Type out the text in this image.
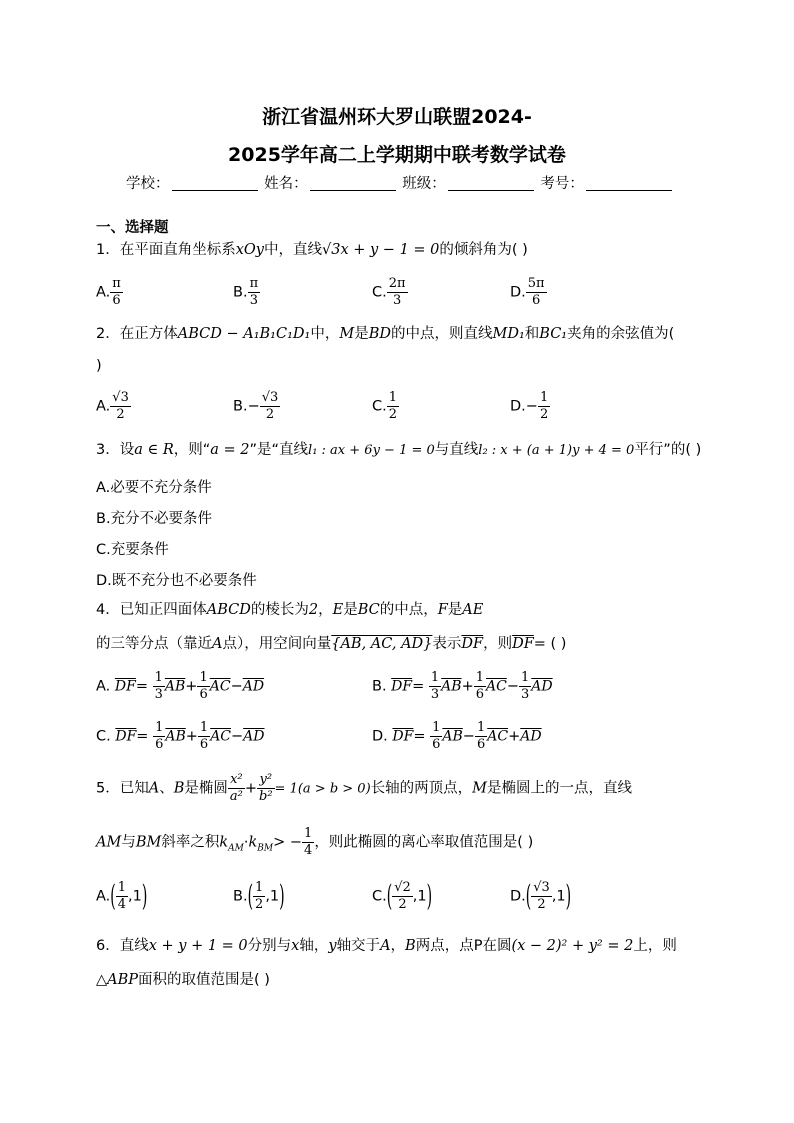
浙江省温州环大罗山联盟2024-
2025学年高二上学期期中联考数学试卷
学校：	姓名：	班级：	考号：
一、选择题
1．在平面直角坐标系xOy中，直线√3x + y − 1 = 0的倾斜角为( )
A. $\frac{\pi}{6}$	B. $\frac{\pi}{3}$	C. $\frac{2\pi}{3}$	D. $\frac{5\pi}{6}$
2．在正方体ABCD − A₁B₁C₁D₁中，M是BD的中点，则直线MD₁和BC₁夹角的余弦值为(
)
A. $\frac{√3}{2}$	$B.- \frac{√3}{2}$	C. $\frac{1}{2}$	$D.- \frac{1}{2}$
3．设a ∈ R，则“a = 2”是“直线l₁ : ax + 6y − 1 = 0与直线l₂ : x + (a + 1)y + 4 = 0平行”的( )
A.必要不充分条件
B.充分不必要条件
C.充要条件
D.既不充分也不必要条件
4．已知正四面体ABCD的棱长为2，E是BC的中点，F是AE
的三等分点（靠近A点），用空间向量{AB, AC, AD}表示$\overline{DF}$，则$\overline{DF}=$ ( )
A. $\overline{DF}= \frac{1}{3} \overline{AB}+ \frac{1}{6} \overline{AC}-\overline{AD}$	B. $\overline{DF}= \frac{1}{3} \overline{AB}+ \frac{1}{6} \overline{AC}- \frac{1}{3} \overline{AD}$
C. $\overline{DF}= \frac{1}{6} \overline{AB}+ \frac{1}{6} \overline{AC}-\overline{AD}$	D. $\overline{DF}= \frac{1}{6} \overline{AB}- \frac{1}{6} \overline{AC}+\overline{AD}$
5．已知A、B是椭圆 $\frac{\text{x²}}{\text{a²}} + \frac{\text{y²}}{\text{b²}} = 1(a > b > 0)$长轴的两顶点，M是椭圆上的一点，直线
AM与BM斜率之积$k_{AM}\cdot k_{BM}> - \frac{1}{4}$ ，则此椭圆的离心率取值范围是( )
$A.( \frac{1}{4} ,1)$	$B.( \frac{1}{2} ,1)$	$C.( \frac{√2}{2} ,1)$	$D.( \frac{√3}{2} ,1)$
6．直线x + y + 1 = 0分别与x轴，y轴交于A，B两点，点P在圆(x − 2)² + y² = 2上，则
△ABP面积的取值范围是( )
